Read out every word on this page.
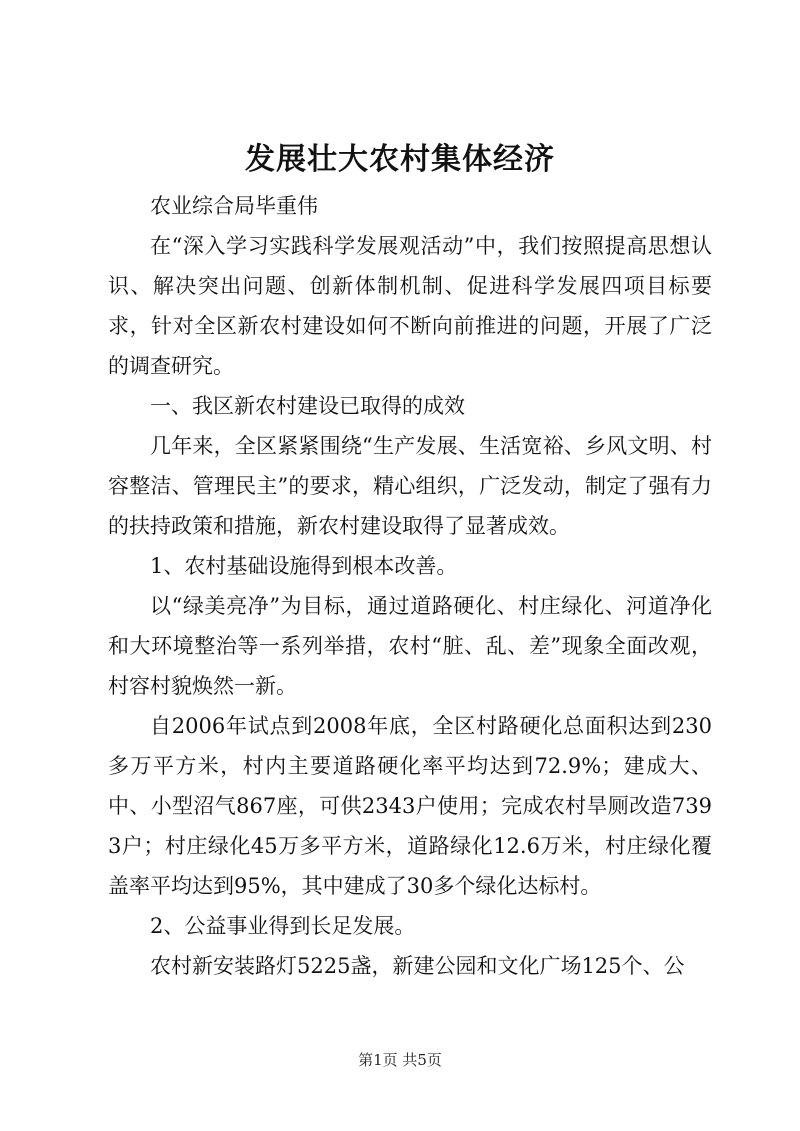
发展壮大农村集体经济

农业综合局毕重伟

在“深入学习实践科学发展观活动”中，我们按照提高思想认识、解决突出问题、创新体制机制、促进科学发展四项目标要求，针对全区新农村建设如何不断向前推进的问题，开展了广泛的调查研究。

一、我区新农村建设已取得的成效

几年来，全区紧紧围绕“生产发展、生活宽裕、乡风文明、村容整洁、管理民主”的要求，精心组织，广泛发动，制定了强有力的扶持政策和措施，新农村建设取得了显著成效。

1、农村基础设施得到根本改善。

以“绿美亮净”为目标，通过道路硬化、村庄绿化、河道净化和大环境整治等一系列举措，农村“脏、乱、差”现象全面改观，村容村貌焕然一新。

自2006年试点到2008年底，全区村路硬化总面积达到230多万平方米，村内主要道路硬化率平均达到72.9%；建成大、中、小型沼气867座，可供2343户使用；完成农村旱厕改造7393户；村庄绿化45万多平方米，道路绿化12.6万米，村庄绿化覆盖率平均达到95%，其中建成了30多个绿化达标村。

2、公益事业得到长足发展。

农村新安装路灯5225盏，新建公园和文化广场125个、公

第1页 共5页
